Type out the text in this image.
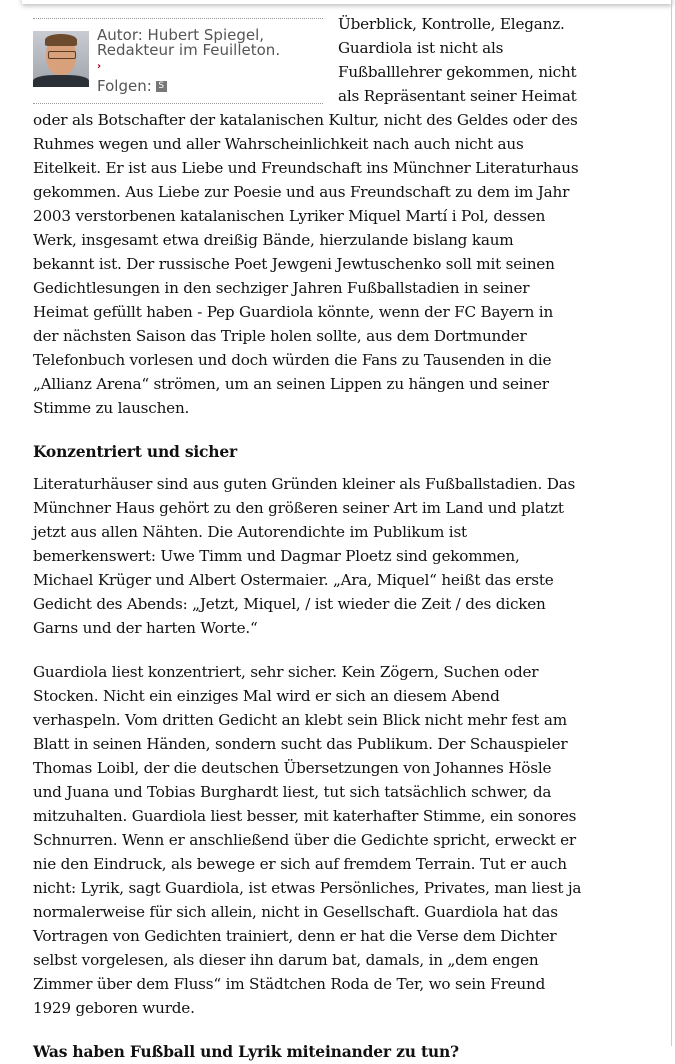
Überblick, Kontrolle, Eleganz.
Guardiola ist nicht als
Fußballlehrer gekommen, nicht
als Repräsentant seiner Heimat
oder als Botschafter der katalanischen Kultur, nicht des Geldes oder des
Ruhmes wegen und aller Wahrscheinlichkeit nach auch nicht aus
Eitelkeit. Er ist aus Liebe und Freundschaft ins Münchner Literaturhaus
gekommen. Aus Liebe zur Poesie und aus Freundschaft zu dem im Jahr
2003 verstorbenen katalanischen Lyriker Miquel Martí i Pol, dessen
Werk, insgesamt etwa dreißig Bände, hierzulande bislang kaum
bekannt ist. Der russische Poet Jewgeni Jewtuschenko soll mit seinen
Gedichtlesungen in den sechziger Jahren Fußballstadien in seiner
Heimat gefüllt haben - Pep Guardiola könnte, wenn der FC Bayern in
der nächsten Saison das Triple holen sollte, aus dem Dortmunder
Telefonbuch vorlesen und doch würden die Fans zu Tausenden in die
„Allianz Arena“ strömen, um an seinen Lippen zu hängen und seiner
Stimme zu lauschen.
Konzentriert und sicher
Literaturhäuser sind aus guten Gründen kleiner als Fußballstadien. Das
Münchner Haus gehört zu den größeren seiner Art im Land und platzt
jetzt aus allen Nähten. Die Autorendichte im Publikum ist
bemerkenswert: Uwe Timm und Dagmar Ploetz sind gekommen,
Michael Krüger und Albert Ostermaier. „Ara, Miquel“ heißt das erste
Gedicht des Abends: „Jetzt, Miquel, / ist wieder die Zeit / des dicken
Garns und der harten Worte.“
Guardiola liest konzentriert, sehr sicher. Kein Zögern, Suchen oder
Stocken. Nicht ein einziges Mal wird er sich an diesem Abend
verhaspeln. Vom dritten Gedicht an klebt sein Blick nicht mehr fest am
Blatt in seinen Händen, sondern sucht das Publikum. Der Schauspieler
Thomas Loibl, der die deutschen Übersetzungen von Johannes Hösle
und Juana und Tobias Burghardt liest, tut sich tatsächlich schwer, da
mitzuhalten. Guardiola liest besser, mit katerhafter Stimme, ein sonores
Schnurren. Wenn er anschließend über die Gedichte spricht, erweckt er
nie den Eindruck, als bewege er sich auf fremdem Terrain. Tut er auch
nicht: Lyrik, sagt Guardiola, ist etwas Persönliches, Privates, man liest ja
normalerweise für sich allein, nicht in Gesellschaft. Guardiola hat das
Vortragen von Gedichten trainiert, denn er hat die Verse dem Dichter
selbst vorgelesen, als dieser ihn darum bat, damals, in „dem engen
Zimmer über dem Fluss“ im Städtchen Roda de Ter, wo sein Freund
1929 geboren wurde.
Was haben Fußball und Lyrik miteinander zu tun?
Autor: Hubert Spiegel,
Redakteur im Feuilleton.
›
Folgen: S
